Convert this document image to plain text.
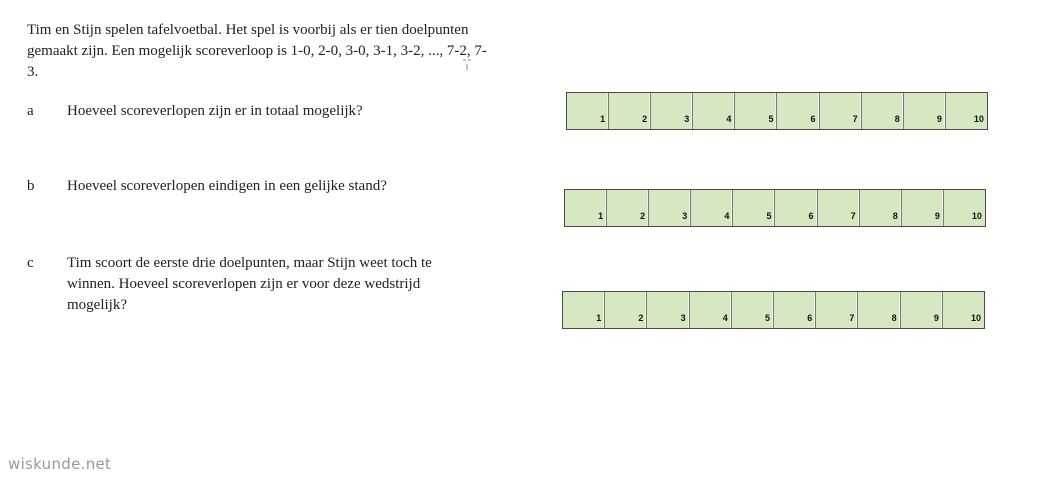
Tim en Stijn spelen tafelvoetbal. Het spel is voorbij als er tien doelpunten gemaakt zijn. Een mogelijk scoreverloop is 1-0, 2-0, 3-0, 3-1, 3-2, ..., 7-2, 7-3.
a Hoeveel scoreverlopen zijn er in totaal mogelijk?
b Hoeveel scoreverlopen eindigen in een gelijke stand?
c Tim scoort de eerste drie doelpunten, maar Stijn weet toch te winnen. Hoeveel scoreverlopen zijn er voor deze wedstrijd mogelijk?
1	2	3	4	5	6	7	8	9	10
1	2	3	4	5	6	7	8	9	10
1	2	3	4	5	6	7	8	9	10
wiskunde.net
